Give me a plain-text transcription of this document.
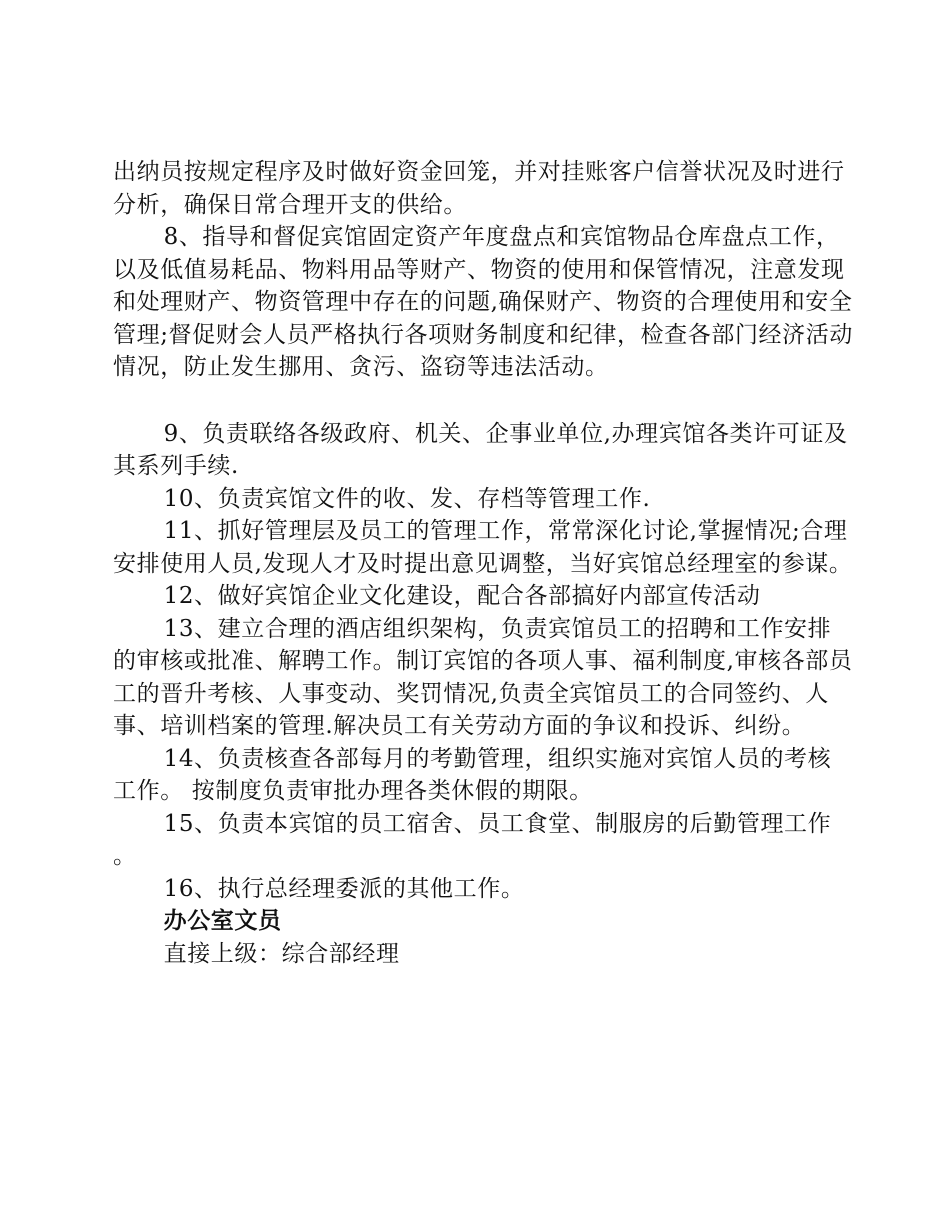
出纳员按规定程序及时做好资金回笼，并对挂账客户信誉状况及时进行分析，确保日常合理开支的供给。

8、指导和督促宾馆固定资产年度盘点和宾馆物品仓库盘点工作，以及低值易耗品、物料用品等财产、物资的使用和保管情况，注意发现和处理财产、物资管理中存在的问题,确保财产、物资的合理使用和安全管理;督促财会人员严格执行各项财务制度和纪律，检查各部门经济活动情况，防止发生挪用、贪污、盗窃等违法活动。

9、负责联络各级政府、机关、企事业单位,办理宾馆各类许可证及其系列手续.

10、负责宾馆文件的收、发、存档等管理工作.

11、抓好管理层及员工的管理工作，常常深化讨论,掌握情况;合理安排使用人员,发现人才及时提出意见调整，当好宾馆总经理室的参谋。

12、做好宾馆企业文化建设，配合各部搞好内部宣传活动

13、建立合理的酒店组织架构，负责宾馆员工的招聘和工作安排的审核或批准、解聘工作。制订宾馆的各项人事、福利制度,审核各部员工的晋升考核、人事变动、奖罚情况,负责全宾馆员工的合同签约、人事、培训档案的管理.解决员工有关劳动方面的争议和投诉、纠纷。

14、负责核查各部每月的考勤管理，组织实施对宾馆人员的考核工作。 按制度负责审批办理各类休假的期限。

15、负责本宾馆的员工宿舍、员工食堂、制服房的后勤管理工作 。

16、执行总经理委派的其他工作。

办公室文员

直接上级：综合部经理
